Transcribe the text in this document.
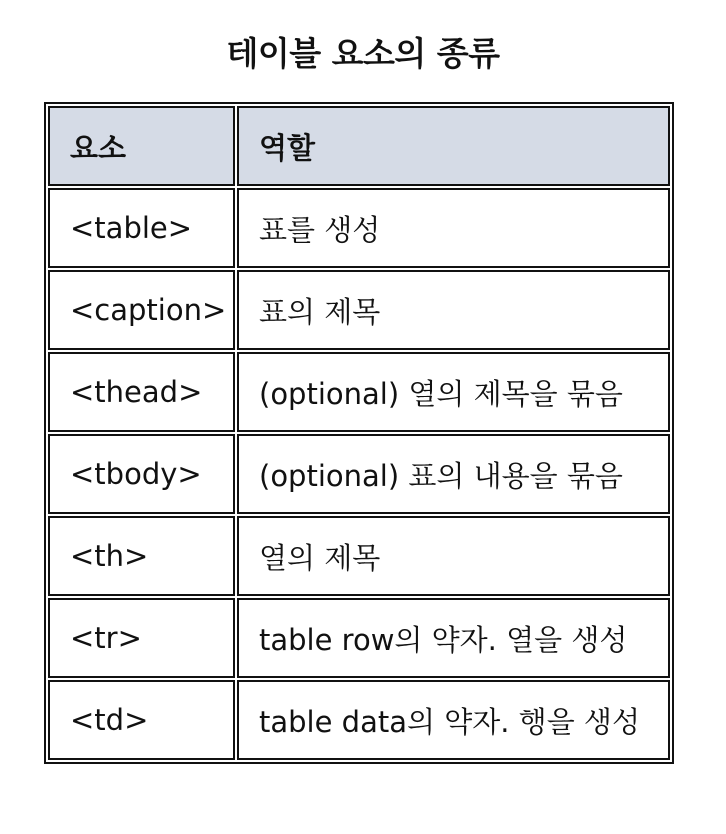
테이블 요소의 종류
요소	역할
<table>	표를 생성
<caption>	표의 제목
<thead>	(optional) 열의 제목을 묶음
<tbody>	(optional) 표의 내용을 묶음
<th>	열의 제목
<tr>	table row의 약자. 열을 생성
<td>	table data의 약자. 행을 생성
